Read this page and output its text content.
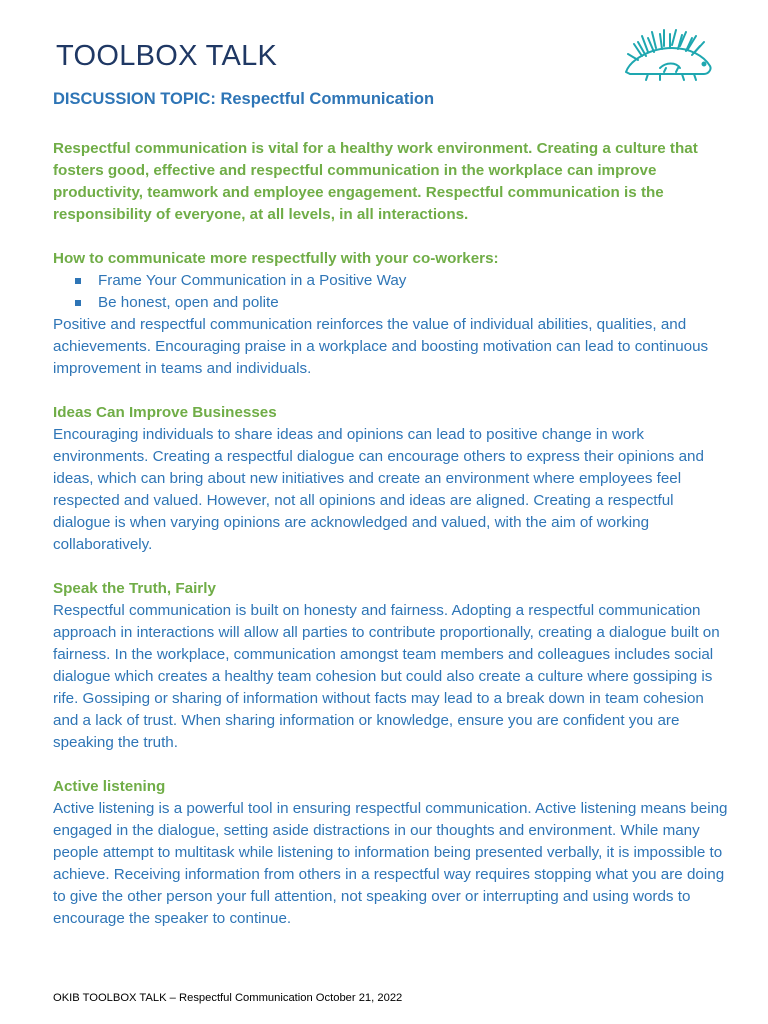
TOOLBOX TALK
DISCUSSION TOPIC: Respectful Communication

Respectful communication is vital for a healthy work environment. Creating a culture that fosters good, effective and respectful communication in the workplace can improve productivity, teamwork and employee engagement. Respectful communication is the responsibility of everyone, at all levels, in all interactions.

How to communicate more respectfully with your co-workers:

Frame Your Communication in a Positive Way
Be honest, open and polite

Positive and respectful communication reinforces the value of individual abilities, qualities, and achievements. Encouraging praise in a workplace and boosting motivation can lead to continuous improvement in teams and individuals.

Ideas Can Improve Businesses

Encouraging individuals to share ideas and opinions can lead to positive change in work environments. Creating a respectful dialogue can encourage others to express their opinions and ideas, which can bring about new initiatives and create an environment where employees feel respected and valued. However, not all opinions and ideas are aligned. Creating a respectful dialogue is when varying opinions are acknowledged and valued, with the aim of working collaboratively.

Speak the Truth, Fairly

Respectful communication is built on honesty and fairness. Adopting a respectful communication approach in interactions will allow all parties to contribute proportionally, creating a dialogue built on fairness. In the workplace, communication amongst team members and colleagues includes social dialogue which creates a healthy team cohesion but could also create a culture where gossiping is rife. Gossiping or sharing of information without facts may lead to a break down in team cohesion and a lack of trust. When sharing information or knowledge, ensure you are confident you are speaking the truth.

Active listening

Active listening is a powerful tool in ensuring respectful communication. Active listening means being engaged in the dialogue, setting aside distractions in our thoughts and environment. While many people attempt to multitask while listening to information being presented verbally, it is impossible to achieve. Receiving information from others in a respectful way requires stopping what you are doing to give the other person your full attention, not speaking over or interrupting and using words to encourage the speaker to continue.

OKIB TOOLBOX TALK – Respectful Communication October 21, 2022
